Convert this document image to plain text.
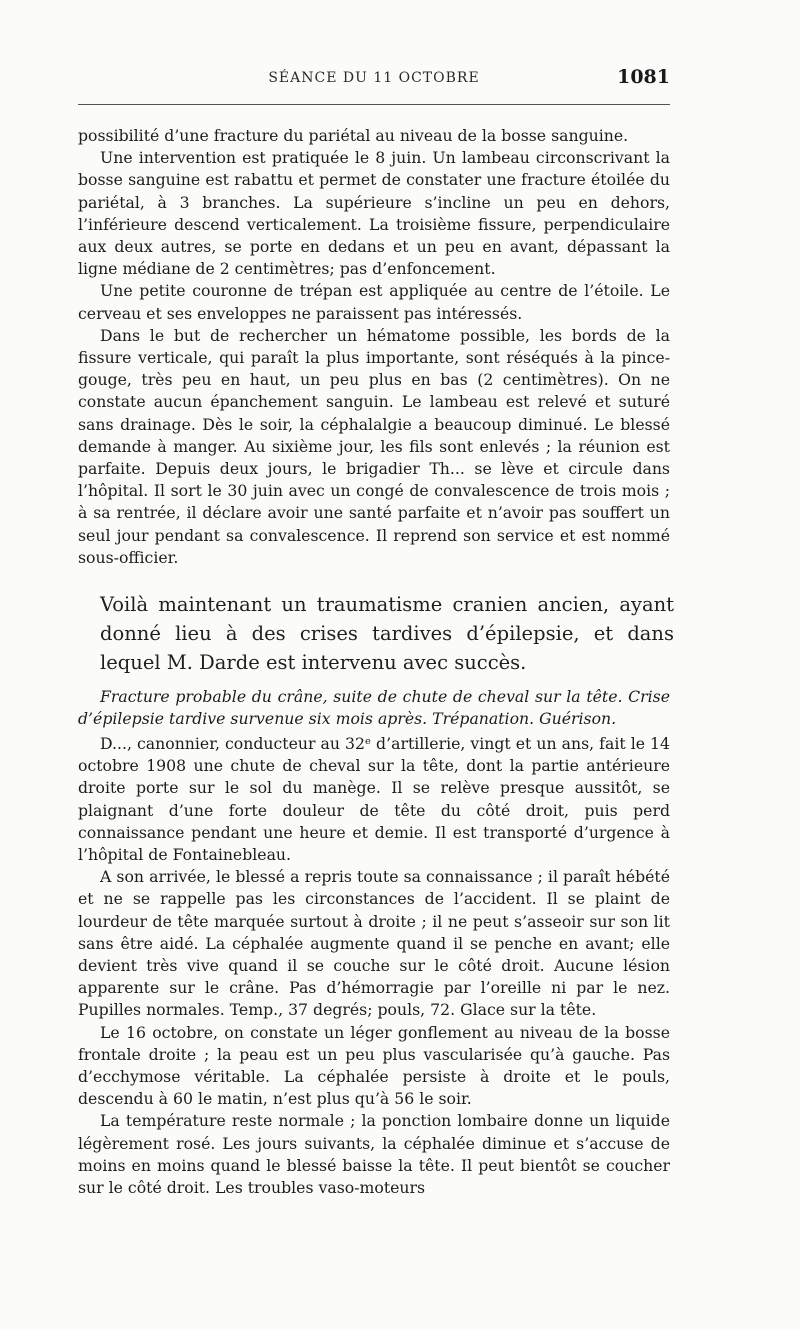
SÉANCE DU 11 OCTOBRE	1081

possibilité d’une fracture du pariétal au niveau de la bosse sanguine.

Une intervention est pratiquée le 8 juin. Un lambeau circonscrivant la bosse sanguine est rabattu et permet de constater une fracture étoilée du pariétal, à 3 branches. La supérieure s’incline un peu en dehors, l’inférieure descend verticalement. La troisième fissure, perpendiculaire aux deux autres, se porte en dedans et un peu en avant, dépassant la ligne médiane de 2 centimètres; pas d’enfoncement.

Une petite couronne de trépan est appliquée au centre de l’étoile. Le cerveau et ses enveloppes ne paraissent pas intéressés.

Dans le but de rechercher un hématome possible, les bords de la fissure verticale, qui paraît la plus importante, sont réséqués à la pince-gouge, très peu en haut, un peu plus en bas (2 centimètres). On ne constate aucun épanchement sanguin. Le lambeau est relevé et suturé sans drainage. Dès le soir, la céphalalgie a beaucoup diminué. Le blessé demande à manger. Au sixième jour, les fils sont enlevés ; la réunion est parfaite. Depuis deux jours, le brigadier Th... se lève et circule dans l’hôpital. Il sort le 30 juin avec un congé de convalescence de trois mois ; à sa rentrée, il déclare avoir une santé parfaite et n’avoir pas souffert un seul jour pendant sa convalescence. Il reprend son service et est nommé sous-officier.

Voilà maintenant un traumatisme cranien ancien, ayant donné lieu à des crises tardives d’épilepsie, et dans lequel M. Darde est intervenu avec succès.
Fracture probable du crâne, suite de chute de cheval sur la tête. Crise d’épilepsie tardive survenue six mois après. Trépanation. Guérison.

D..., canonnier, conducteur au 32ᵉ d’artillerie, vingt et un ans, fait le 14 octobre 1908 une chute de cheval sur la tête, dont la partie antérieure droite porte sur le sol du manège. Il se relève presque aussitôt, se plaignant d’une forte douleur de tête du côté droit, puis perd connaissance pendant une heure et demie. Il est transporté d’urgence à l’hôpital de Fontainebleau.

A son arrivée, le blessé a repris toute sa connaissance ; il paraît hébété et ne se rappelle pas les circonstances de l’accident. Il se plaint de lourdeur de tête marquée surtout à droite ; il ne peut s’asseoir sur son lit sans être aidé. La céphalée augmente quand il se penche en avant; elle devient très vive quand il se couche sur le côté droit. Aucune lésion apparente sur le crâne. Pas d’hémorragie par l’oreille ni par le nez. Pupilles normales. Temp., 37 degrés; pouls, 72. Glace sur la tête.

Le 16 octobre, on constate un léger gonflement au niveau de la bosse frontale droite ; la peau est un peu plus vascularisée qu’à gauche. Pas d’ecchymose véritable. La céphalée persiste à droite et le pouls, descendu à 60 le matin, n’est plus qu’à 56 le soir.

La température reste normale ; la ponction lombaire donne un liquide légèrement rosé. Les jours suivants, la céphalée diminue et s’accuse de moins en moins quand le blessé baisse la tête. Il peut bientôt se coucher sur le côté droit. Les troubles vaso-moteurs
